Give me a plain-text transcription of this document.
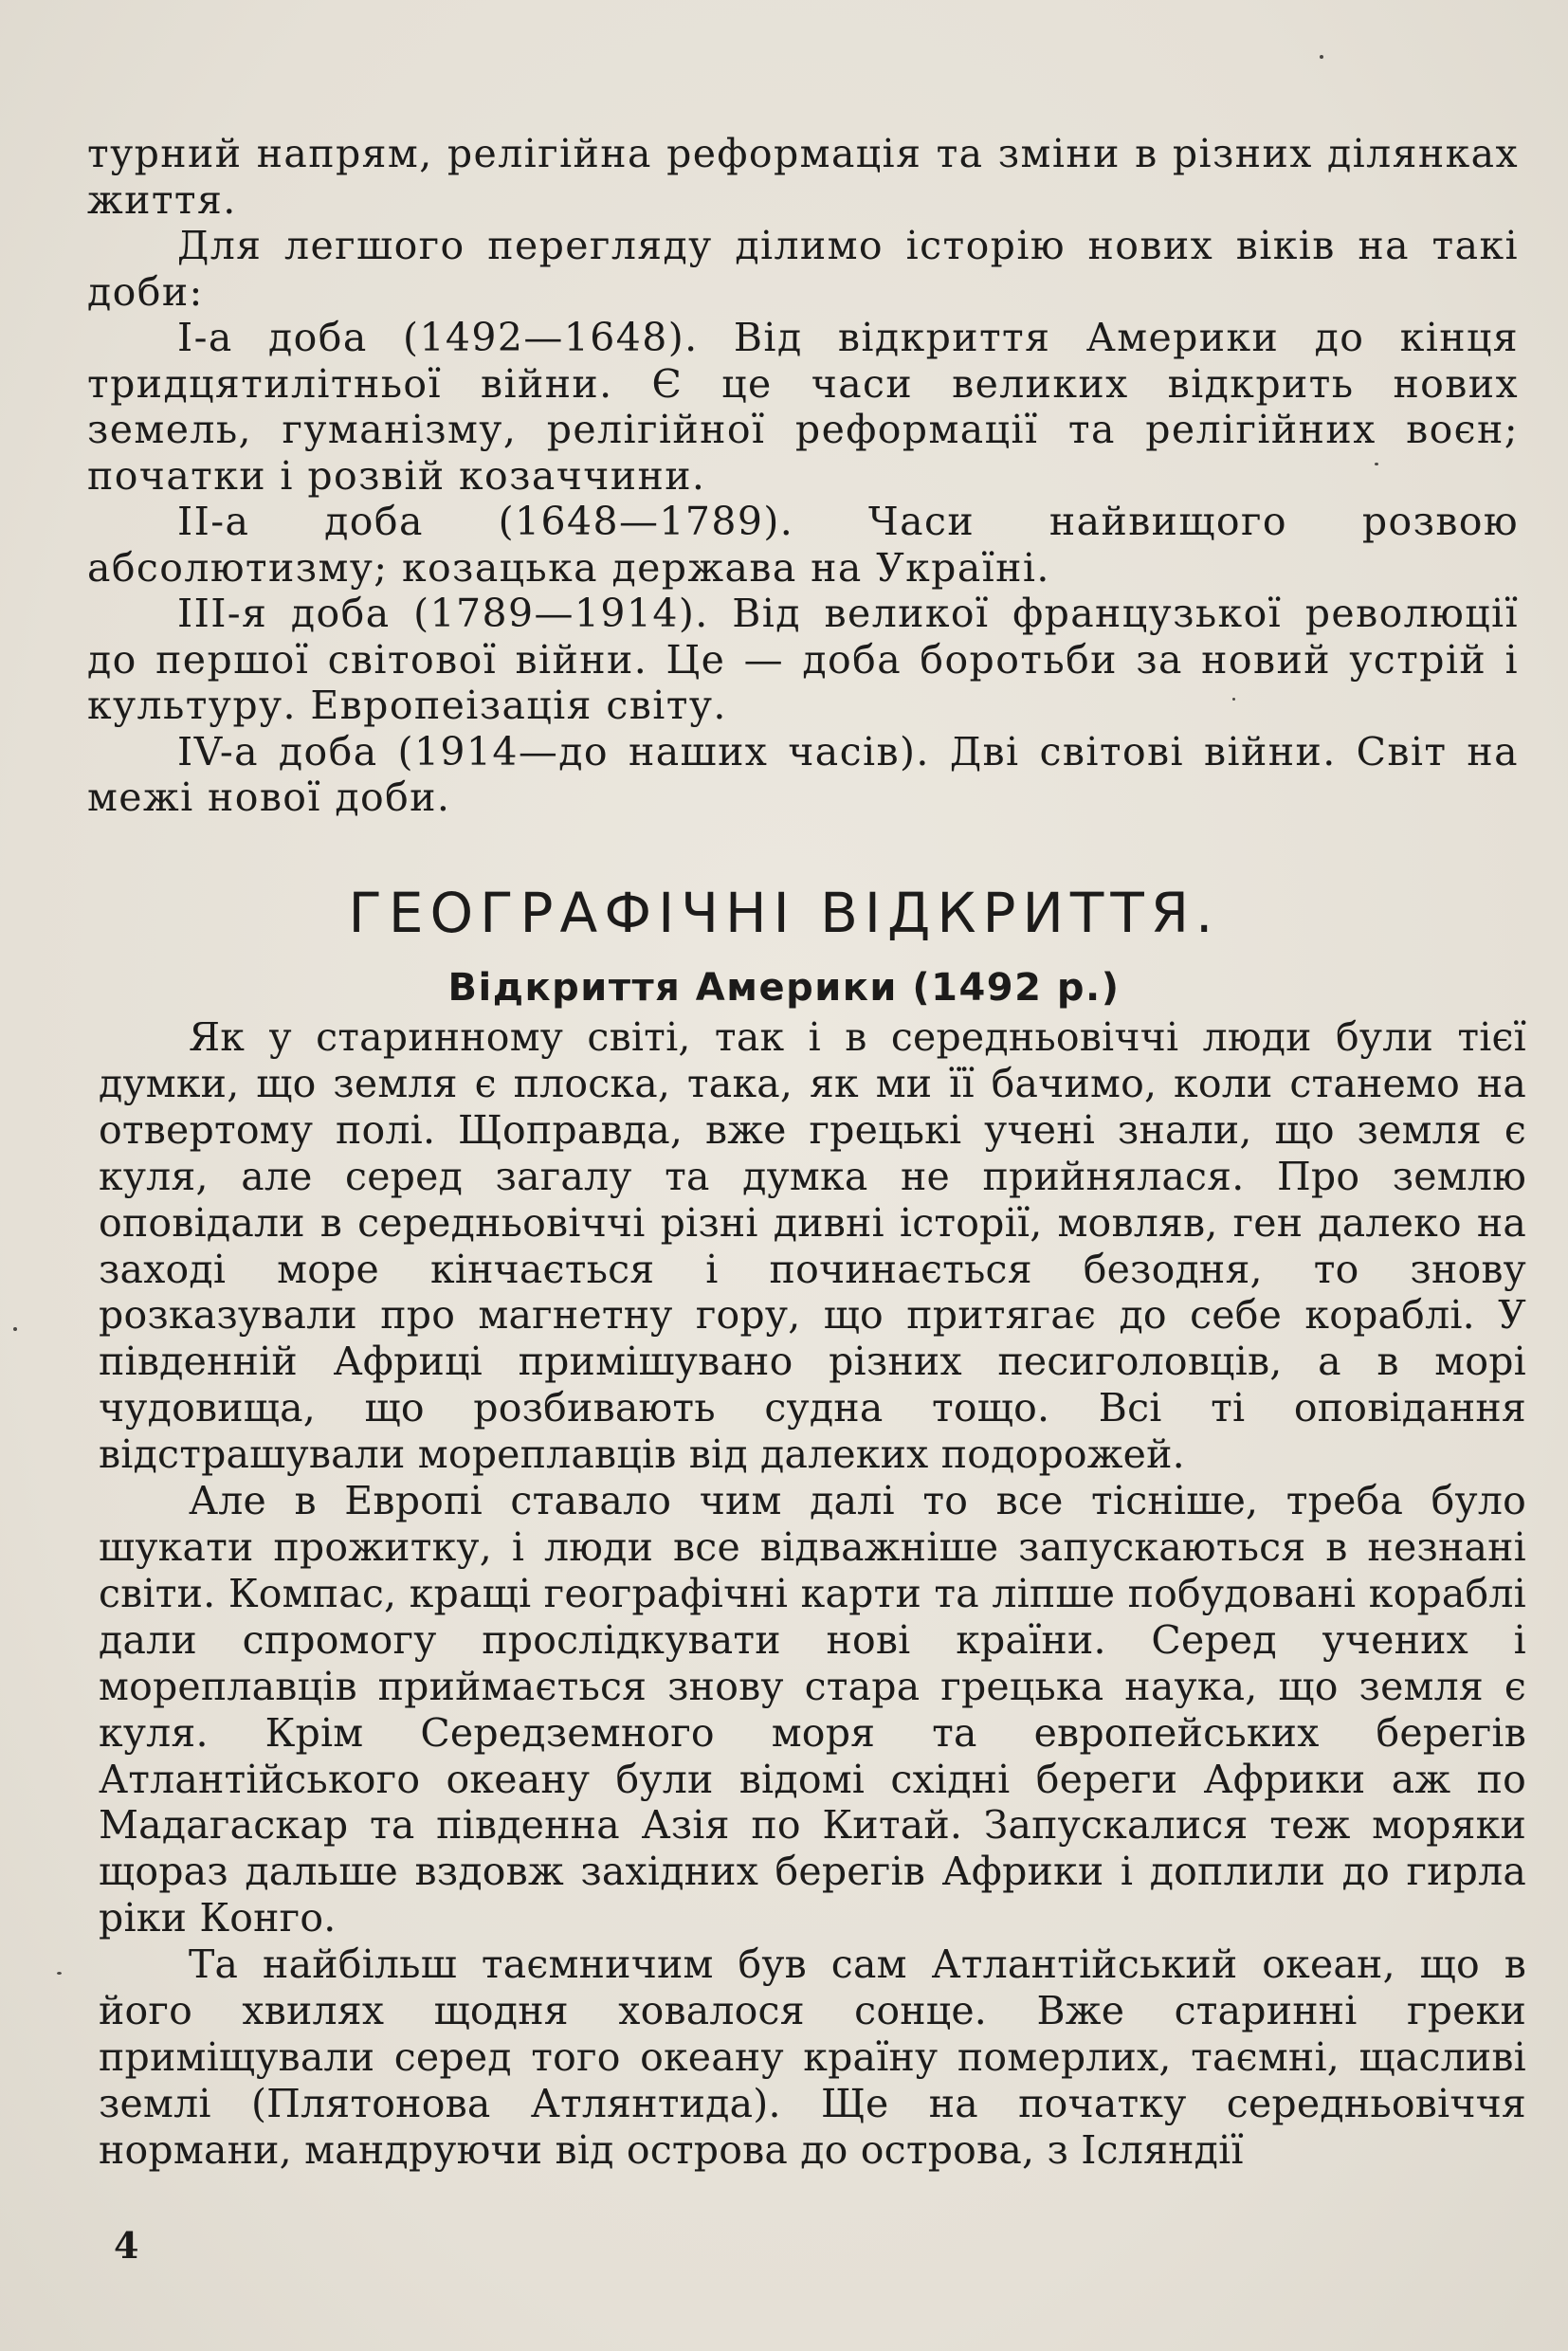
турний напрям, релігійна реформація та зміни в різних ділянках життя.

Для легшого перегляду ділимо історію нових віків на такі доби:

І-а доба (1492—1648). Від відкриття Америки до кінця тридцятилітньої війни. Є це часи великих відкрить нових земель, гуманізму, релігійної реформації та релігійних воєн; початки і розвій козаччини.

ІІ-а доба (1648—1789). Часи найвищого розвою абсолютизму; козацька держава на Україні.

ІІІ-я доба (1789—1914). Від великої французької революції до першої світової війни. Це — доба боротьби за новий устрій і культуру. Европеізація світу.

ІV-а доба (1914—до наших часів). Дві світові війни. Світ на межі нової доби.

ГЕОГРАФІЧНІ ВІДКРИТТЯ.
Відкриття Америки (1492 р.)

Як у старинному світі, так і в середньовіччі люди були тієї думки, що земля є плоска, така, як ми її бачимо, коли станемо на отвертому полі. Щоправда, вже грецькі учені знали, що земля є куля, але серед загалу та думка не прийнялася. Про землю оповідали в середньовіччі різні дивні історії, мовляв, ген далеко на заході море кінчається і починається безодня, то знову розказували про магнетну гору, що притягає до себе кораблі. У південній Африці примішувано різних песиголовців, а в морі чудовища, що розбивають судна тощо. Всі ті оповідання відстрашували мореплавців від далеких подорожей.

Але в Европі ставало чим далі то все тісніше, треба було шукати прожитку, і люди все відважніше запускаються в незнані світи. Компас, кращі географічні карти та ліпше побудовані кораблі дали спромогу прослідкувати нові країни. Серед учених і мореплавців приймається знову стара грецька наука, що земля є куля. Крім Середземного моря та европейських берегів Атлантійського океану були відомі східні береги Африки аж по Мадагаскар та південна Азія по Китай. Запускалися теж моряки щораз дальше вздовж західних берегів Африки і доплили до гирла ріки Конго.

Та найбільш таємничим був сам Атлантійський океан, що в його хвилях щодня ховалося сонце. Вже старинні греки приміщували серед того океану країну померлих, таємні, щасливі землі (Плятонова Атлянтида). Ще на початку середньовіччя нормани, мандруючи від острова до острова, з Ісляндії

4
